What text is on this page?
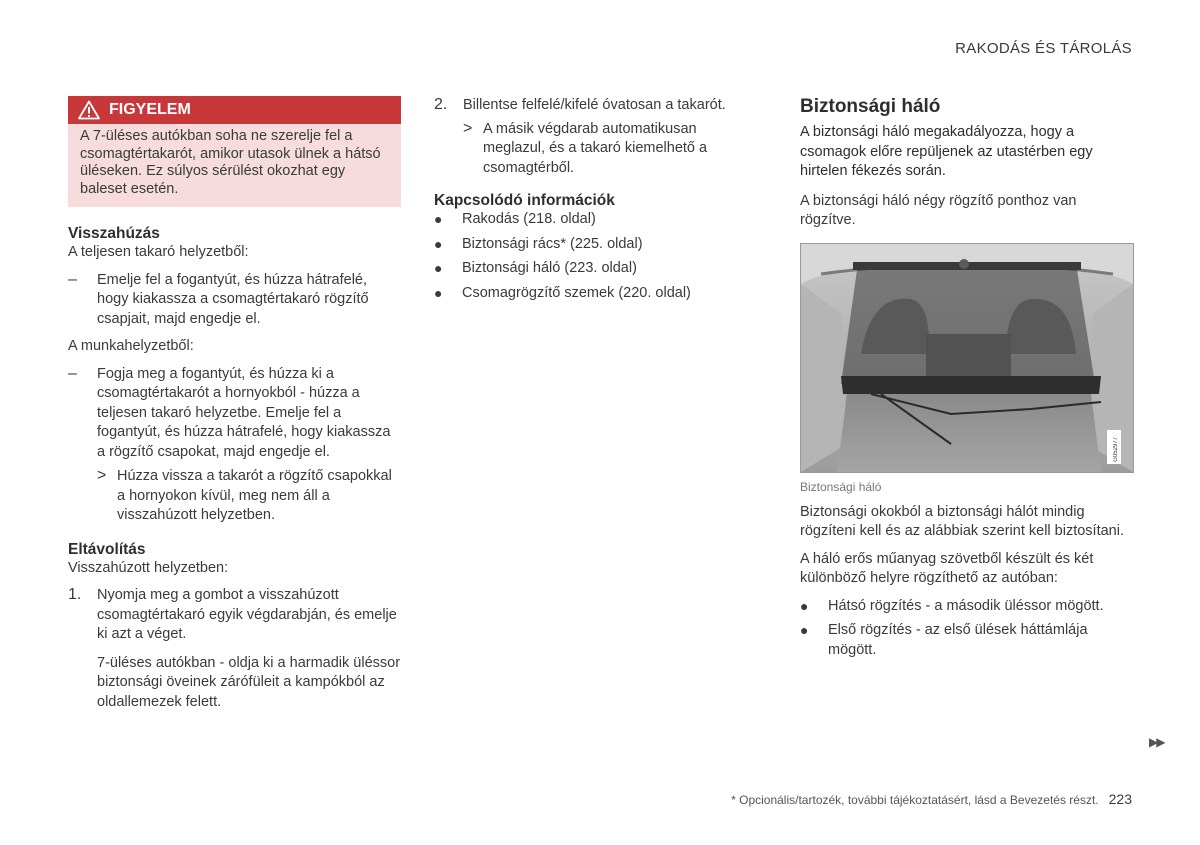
RAKODÁS ÉS TÁROLÁS
FIGYELEM
A 7-üléses autókban soha ne szerelje fel a csomagtértakarót, amikor utasok ülnek a hátsó üléseken. Ez súlyos sérülést okozhat egy baleset esetén.
Visszahúzás

A teljesen takaró helyzetből:

–	Emelje fel a fogantyút, és húzza hátrafelé, hogy kiakassza a csomagtértakaró rögzítő csapjait, majd engedje el.

A munkahelyzetből:

–	Fogja meg a fogantyút, és húzza ki a csomagtértakarót a hornyokból - húzza a teljesen takaró helyzetbe. Emelje fel a fogantyút, és húzza hátrafelé, hogy kiakassza a rögzítő csapokat, majd engedje el.

> Húzza vissza a takarót a rögzítő csapokkal a hornyokon kívül, meg nem áll a visszahúzott helyzetben.

Eltávolítás

Visszahúzott helyzetben:

1.	Nyomja meg a gombot a visszahúzott csomagtértakaró egyik végdarabján, és emelje ki azt a véget.

7-üléses autókban - oldja ki a harmadik üléssor biztonsági öveinek zárófüleit a kampókból az oldallemezek felett.

2.	Billentse felfelé/kifelé óvatosan a takarót.

> A másik végdarab automatikusan meglazul, és a takaró kiemelhető a csomagtérből.

Kapcsolódó információk
●	Rakodás (218. oldal)
●	Biztonsági rács* (225. oldal)
●	Biztonsági háló (223. oldal)
●	Csomagrögzítő szemek (220. oldal)
Biztonsági háló

A biztonsági háló megakadályozza, hogy a csomagok előre repüljenek az utastérben egy hirtelen fékezés során.

A biztonsági háló négy rögzítő ponthoz van rögzítve.

G052977
Biztonsági háló

Biztonsági okokból a biztonsági hálót mindig rögzíteni kell és az alábbiak szerint kell biztosítani.

A háló erős műanyag szövetből készült és két különböző helyre rögzíthető az autóban:

●	Hátsó rögzítés - a második üléssor mögött.
●	Első rögzítés - az első ülések háttámlája mögött.
▶▶
* Opcionális/tartozék, további tájékoztatásért, lásd a Bevezetés részt. 223
